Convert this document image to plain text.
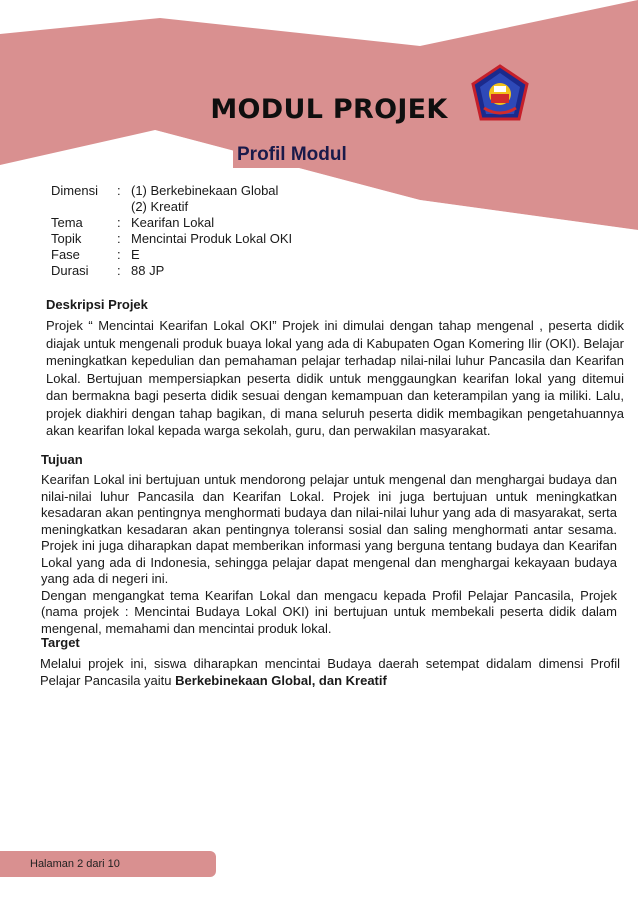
MODUL PROJEK
Profil Modul
Dimensi	: (1) Berkebinekaan Global
(2) Kreatif
Tema	: Kearifan Lokal
Topik	: Mencintai Produk Lokal OKI
Fase	: E
Durasi	: 88 JP
Deskripsi Projek

Projek “ Mencintai Kearifan Lokal OKI” Projek ini dimulai dengan tahap mengenal , peserta didik diajak untuk mengenali produk buaya lokal yang ada di Kabupaten Ogan Komering Ilir (OKI). Belajar meningkatkan kepedulian dan pemahaman pelajar terhadap nilai-nilai luhur Pancasila dan Kearifan Lokal. Bertujuan mempersiapkan peserta didik untuk menggaungkan kearifan lokal yang ditemui dan bermakna bagi peserta didik sesuai dengan kemampuan dan keterampilan yang ia miliki. Lalu, projek diakhiri dengan tahap bagikan, di mana seluruh peserta didik membagikan pengetahuannya akan kearifan lokal kepada warga sekolah, guru, dan perwakilan masyarakat.

Tujuan

Kearifan Lokal ini bertujuan untuk mendorong pelajar untuk mengenal dan menghargai budaya dan nilai-nilai luhur Pancasila dan Kearifan Lokal. Projek ini juga bertujuan untuk meningkatkan kesadaran akan pentingnya menghormati budaya dan nilai-nilai luhur yang ada di masyarakat, serta meningkatkan kesadaran akan pentingnya toleransi sosial dan saling menghormati antar sesama. Projek ini juga diharapkan dapat memberikan informasi yang berguna tentang budaya dan Kearifan Lokal yang ada di Indonesia, sehingga pelajar dapat mengenal dan menghargai kekayaan budaya yang ada di negeri ini.

Dengan mengangkat tema Kearifan Lokal dan mengacu kepada Profil Pelajar Pancasila, Projek (nama projek : Mencintai Budaya Lokal OKI) ini bertujuan untuk membekali peserta didik dalam mengenal, memahami dan mencintai produk lokal.

Target

Melalui projek ini, siswa diharapkan mencintai Budaya daerah setempat didalam dimensi Profil Pelajar Pancasila yaitu Berkebinekaan Global, dan Kreatif

Halaman 2 dari 10
